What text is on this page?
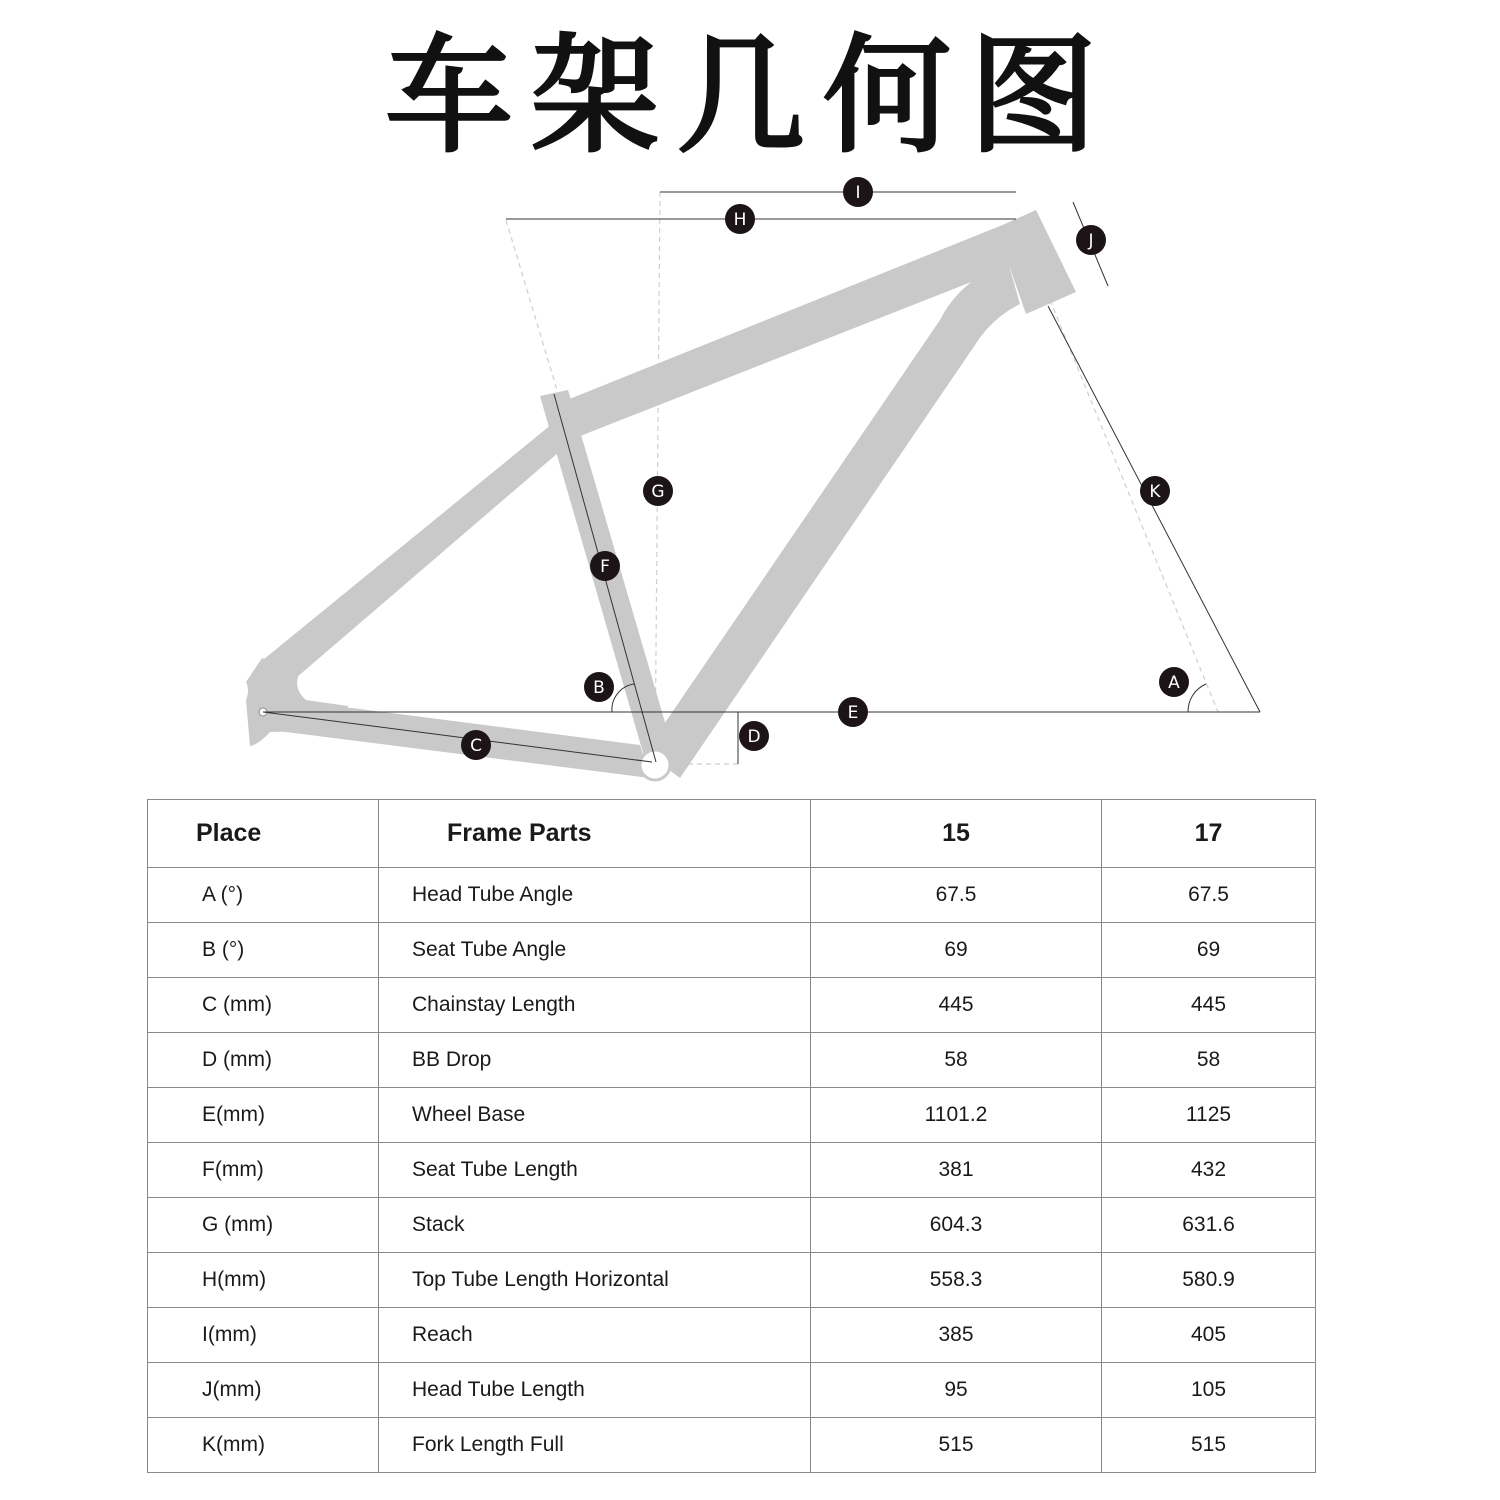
车架几何图
I
H
J
G	K
F
B	A
E
D
C
Place	Frame Parts	15	17
A (°)	Head Tube Angle	67.5	67.5
B (°)	Seat Tube Angle	69	69
C (mm)	Chainstay Length	445	445
D (mm)	BB Drop	58	58
E(mm)	Wheel Base	1101.2	1125
F(mm)	Seat Tube Length	381	432
G (mm)	Stack	604.3	631.6
H(mm)	Top Tube Length Horizontal	558.3	580.9
I(mm)	Reach	385	405
J(mm)	Head Tube Length	95	105
K(mm)	Fork Length Full	515	515
